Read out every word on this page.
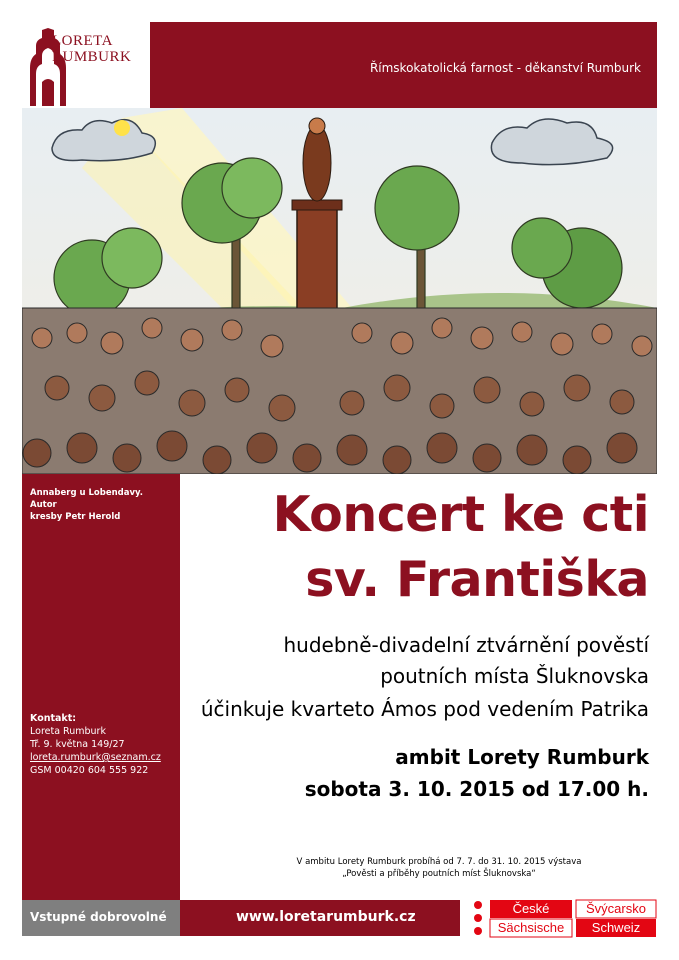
LORETA
RUMBURK
Římskokatolická farnost - děkanství Rumburk
Annaberg u Lobendavy. Autor
kresby Petr Herold
Kontakt:
Loreta Rumburk
Tř. 9. května 149/27
loreta.rumburk@seznam.cz
GSM 00420 604 555 922
Koncert ke cti
sv. Františka
hudebně-divadelní ztvárnění pověstí
poutních místa Šluknovska
účinkuje kvarteto Ámos pod vedením Patrika
ambit Lorety Rumburk
sobota 3. 10. 2015 od 17.00 h.
V ambitu Lorety Rumburk probíhá od 7. 7. do 31. 10. 2015 výstava
„Pověsti a příběhy poutních míst Šluknovska“
Vstupné dobrovolné	www.loretarumburk.cz
České	Švýcarsko
Sächsische Schweiz
